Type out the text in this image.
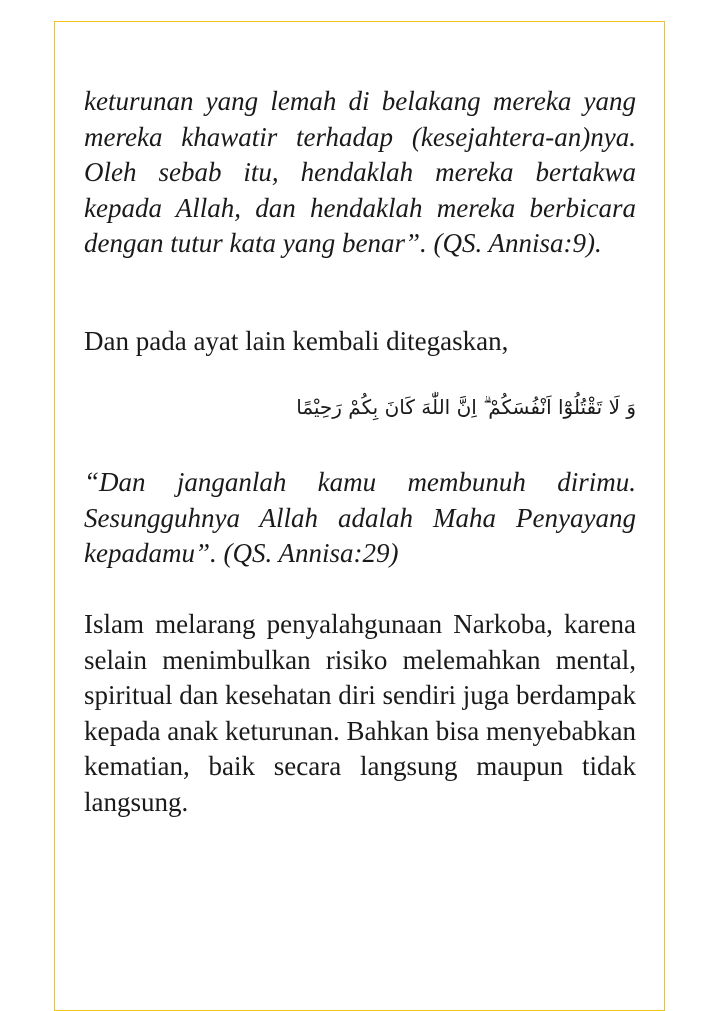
keturunan yang lemah di belakang mereka yang mereka khawatir terhadap (kesejahtera-an)nya. Oleh sebab itu, hendaklah mereka bertakwa kepada Allah, dan hendaklah mereka berbicara dengan tutur kata yang benar”. (QS. Annisa:9).

Dan pada ayat lain kembali ditegaskan,

وَ لَا تَقْتُلُوْٓا اَنْفُسَكُمْ ۗ اِنَّ اللّٰهَ كَانَ بِكُمْ رَحِيْمًا

“Dan janganlah kamu membunuh dirimu. Sesungguhnya Allah adalah Maha Penyayang kepadamu”. (QS. Annisa:29)

Islam melarang penyalahgunaan Narkoba, karena selain menimbulkan risiko melemahkan mental, spiritual dan kesehatan diri sendiri juga berdampak kepada anak keturunan. Bahkan bisa menyebabkan kematian, baik secara langsung maupun tidak langsung.
